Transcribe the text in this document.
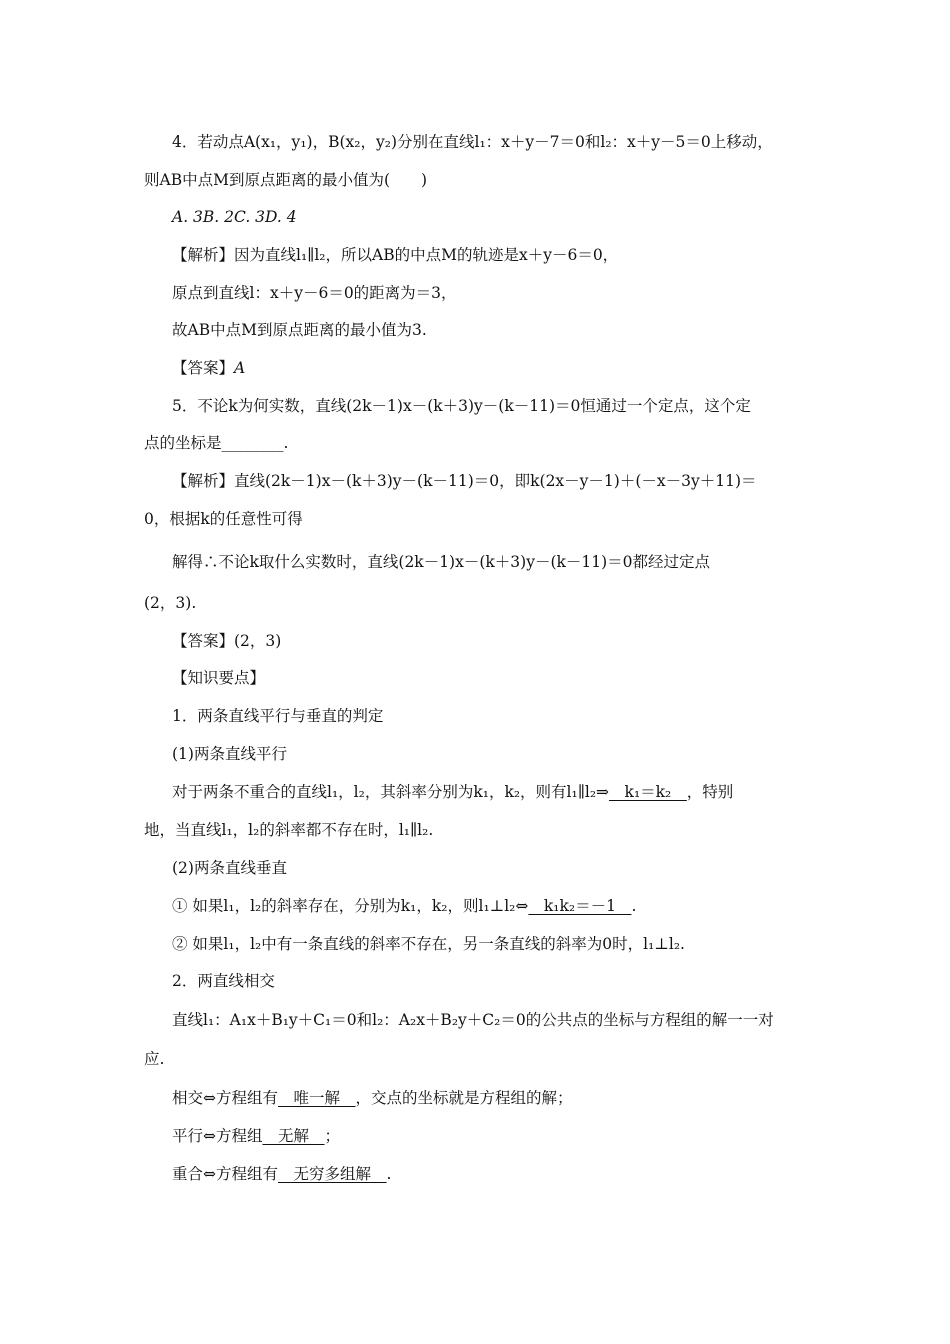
4．若动点A(x₁，y₁)，B(x₂，y₂)分别在直线l₁：x＋y－7＝0和l₂：x＋y－5＝0上移动，
则AB中点M到原点距离的最小值为(　　)
A. 3B. 2C. 3D. 4
【解析】因为直线l₁∥l₂，所以AB的中点M的轨迹是x＋y－6＝0，
原点到直线l：x＋y－6＝0的距离为＝3，
故AB中点M到原点距离的最小值为3.
【答案】A
5．不论k为何实数，直线(2k－1)x－(k＋3)y－(k－11)＝0恒通过一个定点，这个定
点的坐标是________.
【解析】直线(2k－1)x－(k＋3)y－(k－11)＝0，即k(2x－y－1)＋(－x－3y＋11)＝
0，根据k的任意性可得
解得∴不论k取什么实数时，直线(2k－1)x－(k＋3)y－(k－11)＝0都经过定点
(2，3).
【答案】(2，3)
【知识要点】
1．两条直线平行与垂直的判定
(1)两条直线平行
对于两条不重合的直线l₁，l₂，其斜率分别为k₁，k₂，则有l₁∥l₂⇒　k₁＝k₂　，特别
地，当直线l₁，l₂的斜率都不存在时，l₁∥l₂.
(2)两条直线垂直
① 如果l₁，l₂的斜率存在，分别为k₁，k₂，则l₁⊥l₂⇔　k₁k₂＝－1　.
② 如果l₁，l₂中有一条直线的斜率不存在，另一条直线的斜率为0时，l₁⊥l₂.
2．两直线相交
直线l₁：A₁x＋B₁y＋C₁＝0和l₂：A₂x＋B₂y＋C₂＝0的公共点的坐标与方程组的解一一对
应.
相交⇔方程组有　唯一解　，交点的坐标就是方程组的解；
平行⇔方程组　无解　；
重合⇔方程组有　无穷多组解　.
